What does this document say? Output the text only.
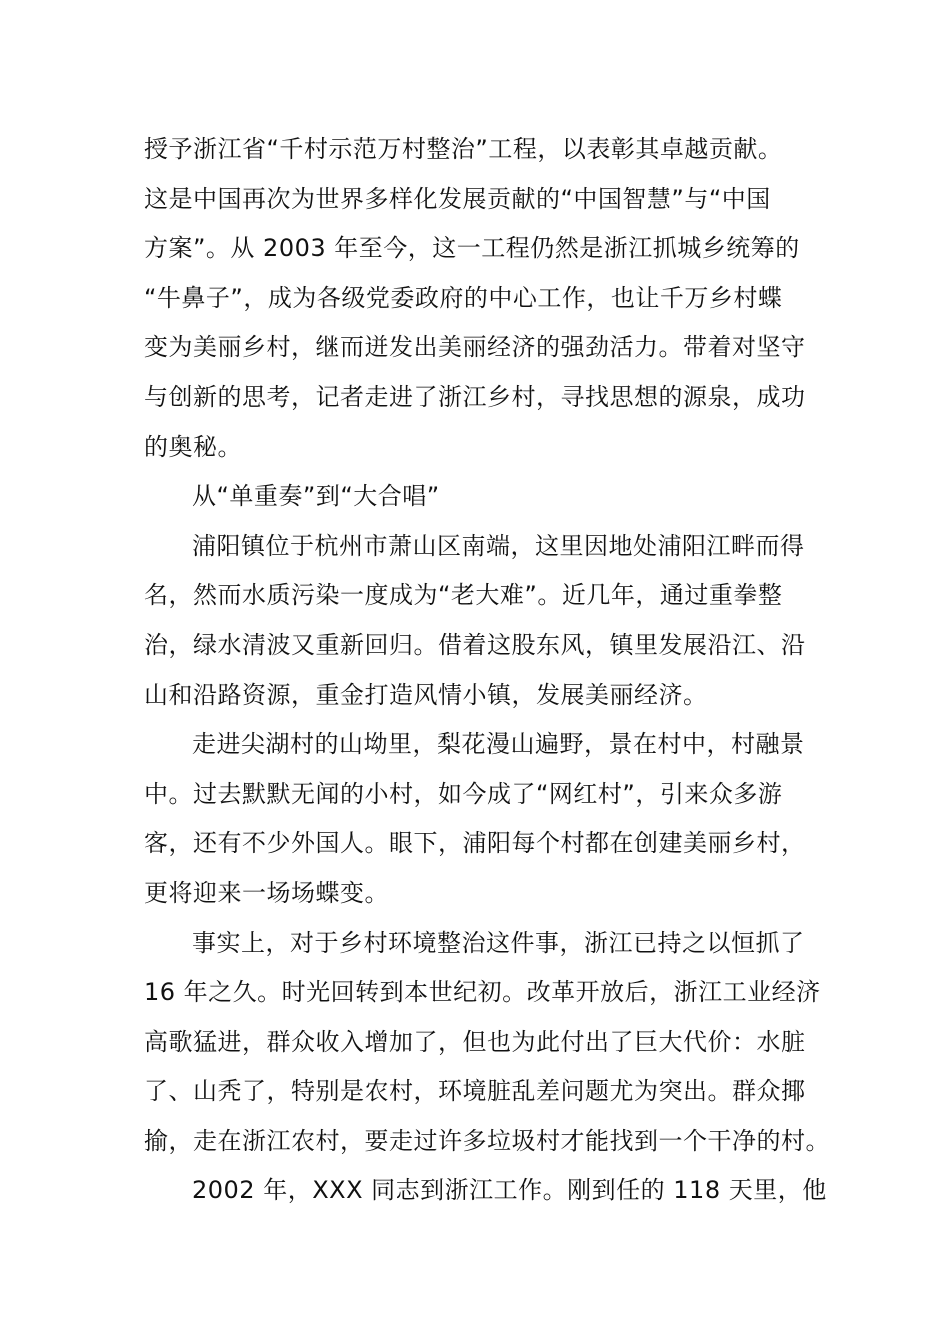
授予浙江省“千村示范万村整治”工程，以表彰其卓越贡献。
这是中国再次为世界多样化发展贡献的“中国智慧”与“中国
方案”。从 2003 年至今，这一工程仍然是浙江抓城乡统筹的
“牛鼻子”，成为各级党委政府的中心工作，也让千万乡村蝶
变为美丽乡村，继而迸发出美丽经济的强劲活力。带着对坚守
与创新的思考，记者走进了浙江乡村，寻找思想的源泉，成功
的奥秘。
从“单重奏”到“大合唱”
浦阳镇位于杭州市萧山区南端，这里因地处浦阳江畔而得
名，然而水质污染一度成为“老大难”。近几年，通过重拳整
治，绿水清波又重新回归。借着这股东风，镇里发展沿江、沿
山和沿路资源，重金打造风情小镇，发展美丽经济。
走进尖湖村的山坳里，梨花漫山遍野，景在村中，村融景
中。过去默默无闻的小村，如今成了“网红村”，引来众多游
客，还有不少外国人。眼下，浦阳每个村都在创建美丽乡村，
更将迎来一场场蝶变。
事实上，对于乡村环境整治这件事，浙江已持之以恒抓了
16 年之久。时光回转到本世纪初。改革开放后，浙江工业经济
高歌猛进，群众收入增加了，但也为此付出了巨大代价：水脏
了、山秃了，特别是农村，环境脏乱差问题尤为突出。群众揶
揄，走在浙江农村，要走过许多垃圾村才能找到一个干净的村。
2002 年，XXX 同志到浙江工作。刚到任的 118 天里，他
